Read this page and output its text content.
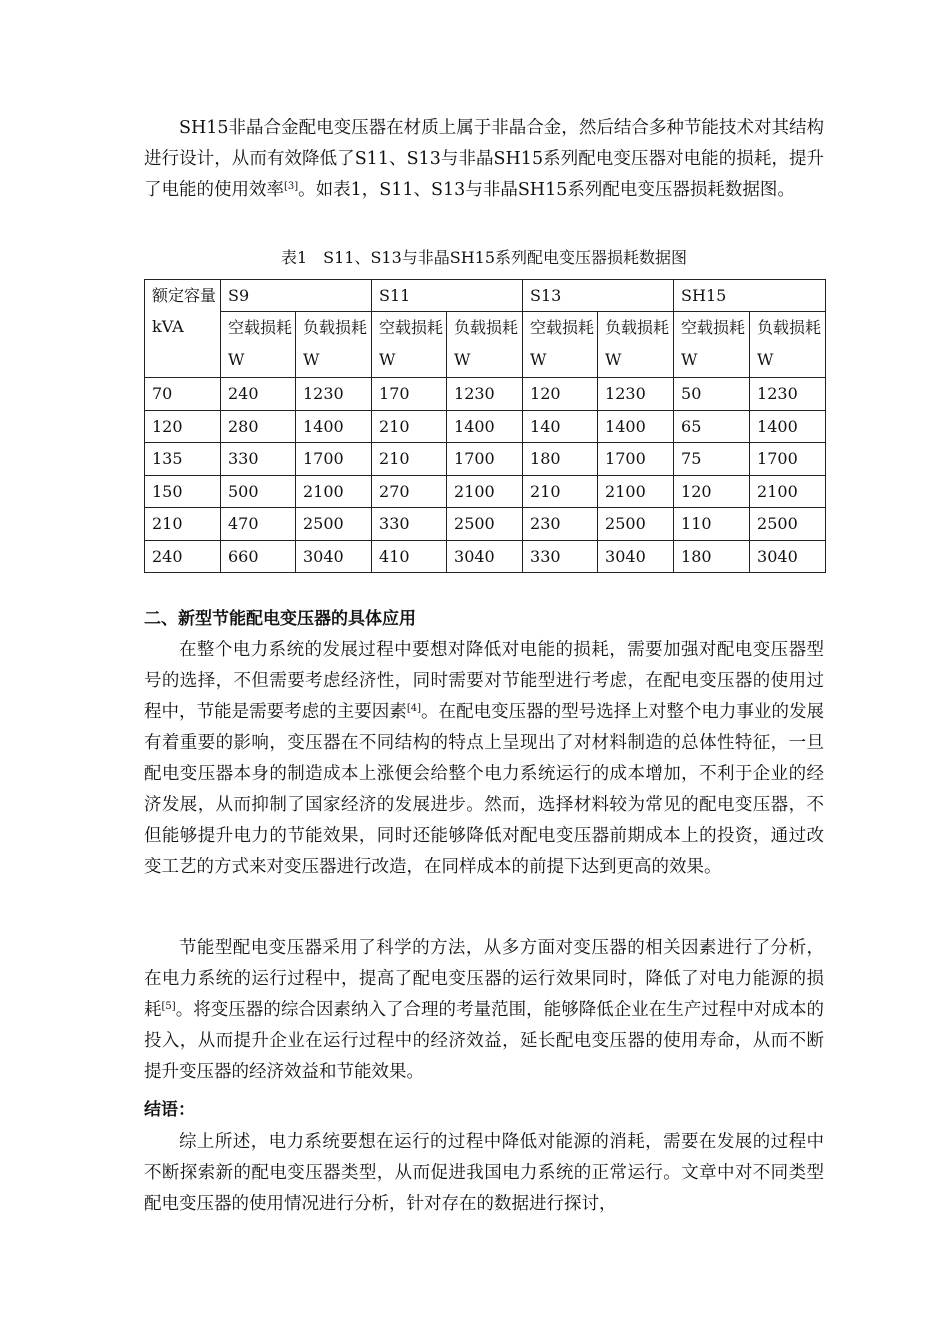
SH15非晶合金配电变压器在材质上属于非晶合金，然后结合多种节能技术对其结构进行设计，从而有效降低了S11、S13与非晶SH15系列配电变压器对电能的损耗，提升了电能的使用效率[3]。如表1，S11、S13与非晶SH15系列配电变压器损耗数据图。

表1　S11、S13与非晶SH15系列配电变压器损耗数据图

额定容量kVA	S9		S11		S13		SH15	
	空载损耗W	负载损耗W	空载损耗W	负载损耗W	空载损耗W	负载损耗W	空载损耗W	负载损耗W
70	240	1230	170	1230	120	1230	50	1230
120	280	1400	210	1400	140	1400	65	1400
135	330	1700	210	1700	180	1700	75	1700
150	500	2100	270	2100	210	2100	120	2100
210	470	2500	330	2500	230	2500	110	2500
240	660	3040	410	3040	330	3040	180	3040

二、新型节能配电变压器的具体应用

在整个电力系统的发展过程中要想对降低对电能的损耗，需要加强对配电变压器型号的选择，不但需要考虑经济性，同时需要对节能型进行考虑，在配电变压器的使用过程中，节能是需要考虑的主要因素[4]。在配电变压器的型号选择上对整个电力事业的发展有着重要的影响，变压器在不同结构的特点上呈现出了对材料制造的总体性特征，一旦配电变压器本身的制造成本上涨便会给整个电力系统运行的成本增加，不利于企业的经济发展，从而抑制了国家经济的发展进步。然而，选择材料较为常见的配电变压器，不但能够提升电力的节能效果，同时还能够降低对配电变压器前期成本上的投资，通过改变工艺的方式来对变压器进行改造，在同样成本的前提下达到更高的效果。

节能型配电变压器采用了科学的方法，从多方面对变压器的相关因素进行了分析，在电力系统的运行过程中，提高了配电变压器的运行效果同时，降低了对电力能源的损耗[5]。将变压器的综合因素纳入了合理的考量范围，能够降低企业在生产过程中对成本的投入，从而提升企业在运行过程中的经济效益，延长配电变压器的使用寿命，从而不断提升变压器的经济效益和节能效果。

结语：

综上所述，电力系统要想在运行的过程中降低对能源的消耗，需要在发展的过程中不断探索新的配电变压器类型，从而促进我国电力系统的正常运行。文章中对不同类型配电变压器的使用情况进行分析，针对存在的数据进行探讨，
